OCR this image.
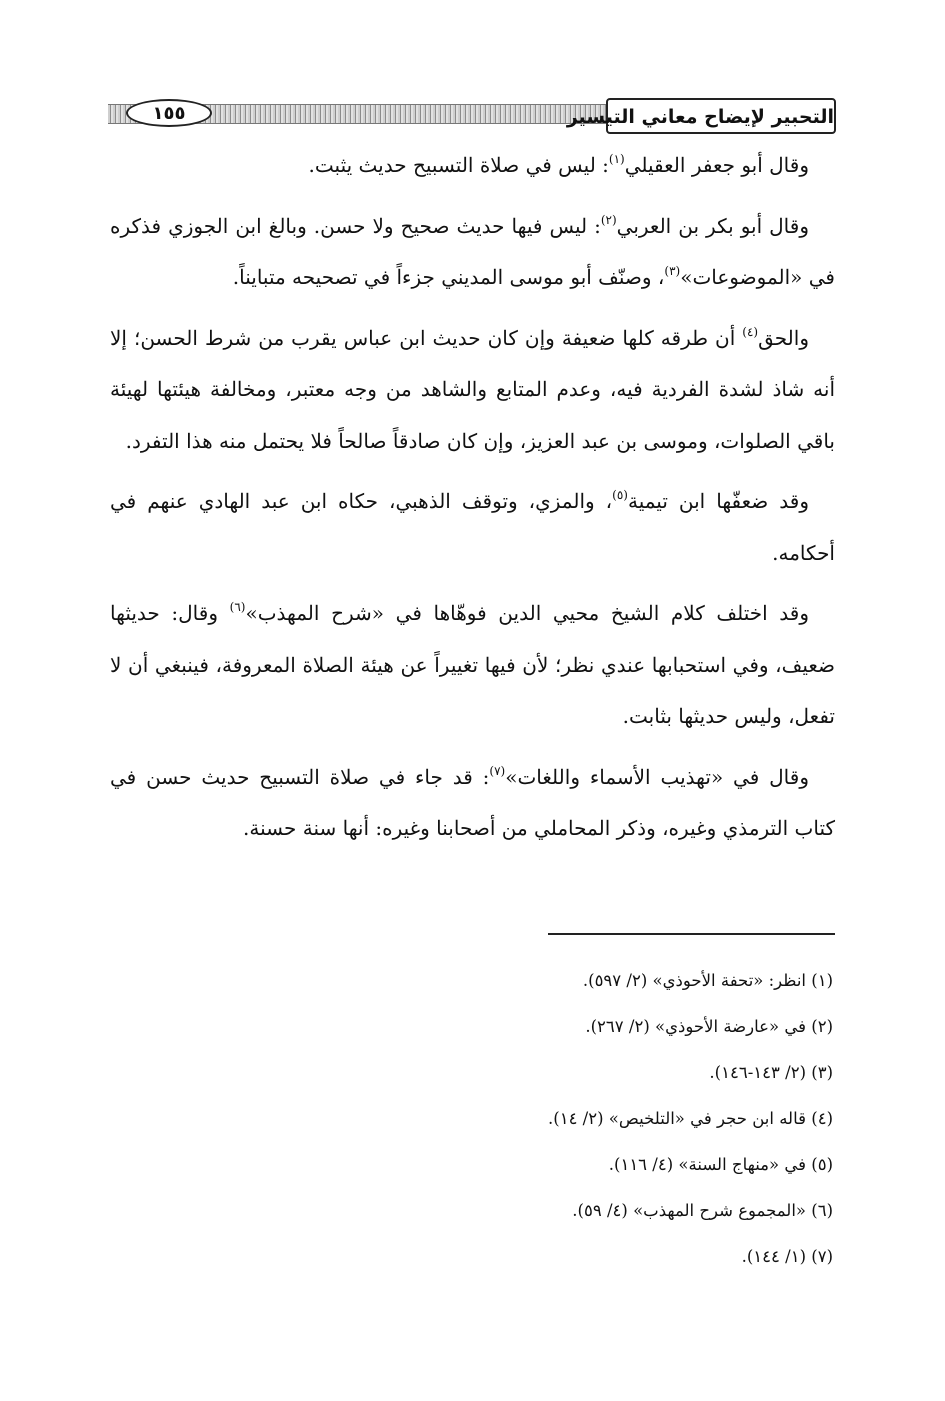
التحبير لإيضاح معاني التيسير
١٥٥

وقال أبو جعفر العقيلي$^{(١)}$: ليس في صلاة التسبيح حديث يثبت.

وقال أبو بكر بن العربي$^{(٢)}$: ليس فيها حديث صحيح ولا حسن. وبالغ ابن الجوزي فذكره في «الموضوعات»$^{(٣)}$، وصنّف أبو موسى المديني جزءاً في تصحيحه متبايناً.

والحق$^{(٤)}$ أن طرقه كلها ضعيفة وإن كان حديث ابن عباس يقرب من شرط الحسن؛ إلا أنه شاذ لشدة الفردية فيه، وعدم المتابع والشاهد من وجه معتبر، ومخالفة هيئتها لهيئة باقي الصلوات، وموسى بن عبد العزيز، وإن كان صادقاً صالحاً فلا يحتمل منه هذا التفرد.

وقد ضعفّها ابن تيمية$^{(٥)}$، والمزي، وتوقف الذهبي، حكاه ابن عبد الهادي عنهم في أحكامه.

وقد اختلف كلام الشيخ محيي الدين فوهّاها في «شرح المهذب»$^{(٦)}$ وقال: حديثها ضعيف، وفي استحبابها عندي نظر؛ لأن فيها تغييراً عن هيئة الصلاة المعروفة، فينبغي أن لا تفعل، وليس حديثها بثابت.

وقال في «تهذيب الأسماء واللغات»$^{(٧)}$: قد جاء في صلاة التسبيح حديث حسن في كتاب الترمذي وغيره، وذكر المحاملي من أصحابنا وغيره: أنها سنة حسنة.

(١) انظر: «تحفة الأحوذي» (٢/ ٥٩٧).
(٢) في «عارضة الأحوذي» (٢/ ٢٦٧).
(٣) (٢/ ١٤٣-١٤٦).
(٤) قاله ابن حجر في «التلخيص» (٢/ ١٤).
(٥) في «منهاج السنة» (٤/ ١١٦).
(٦) «المجموع شرح المهذب» (٤/ ٥٩).
(٧) (١/ ١٤٤).
